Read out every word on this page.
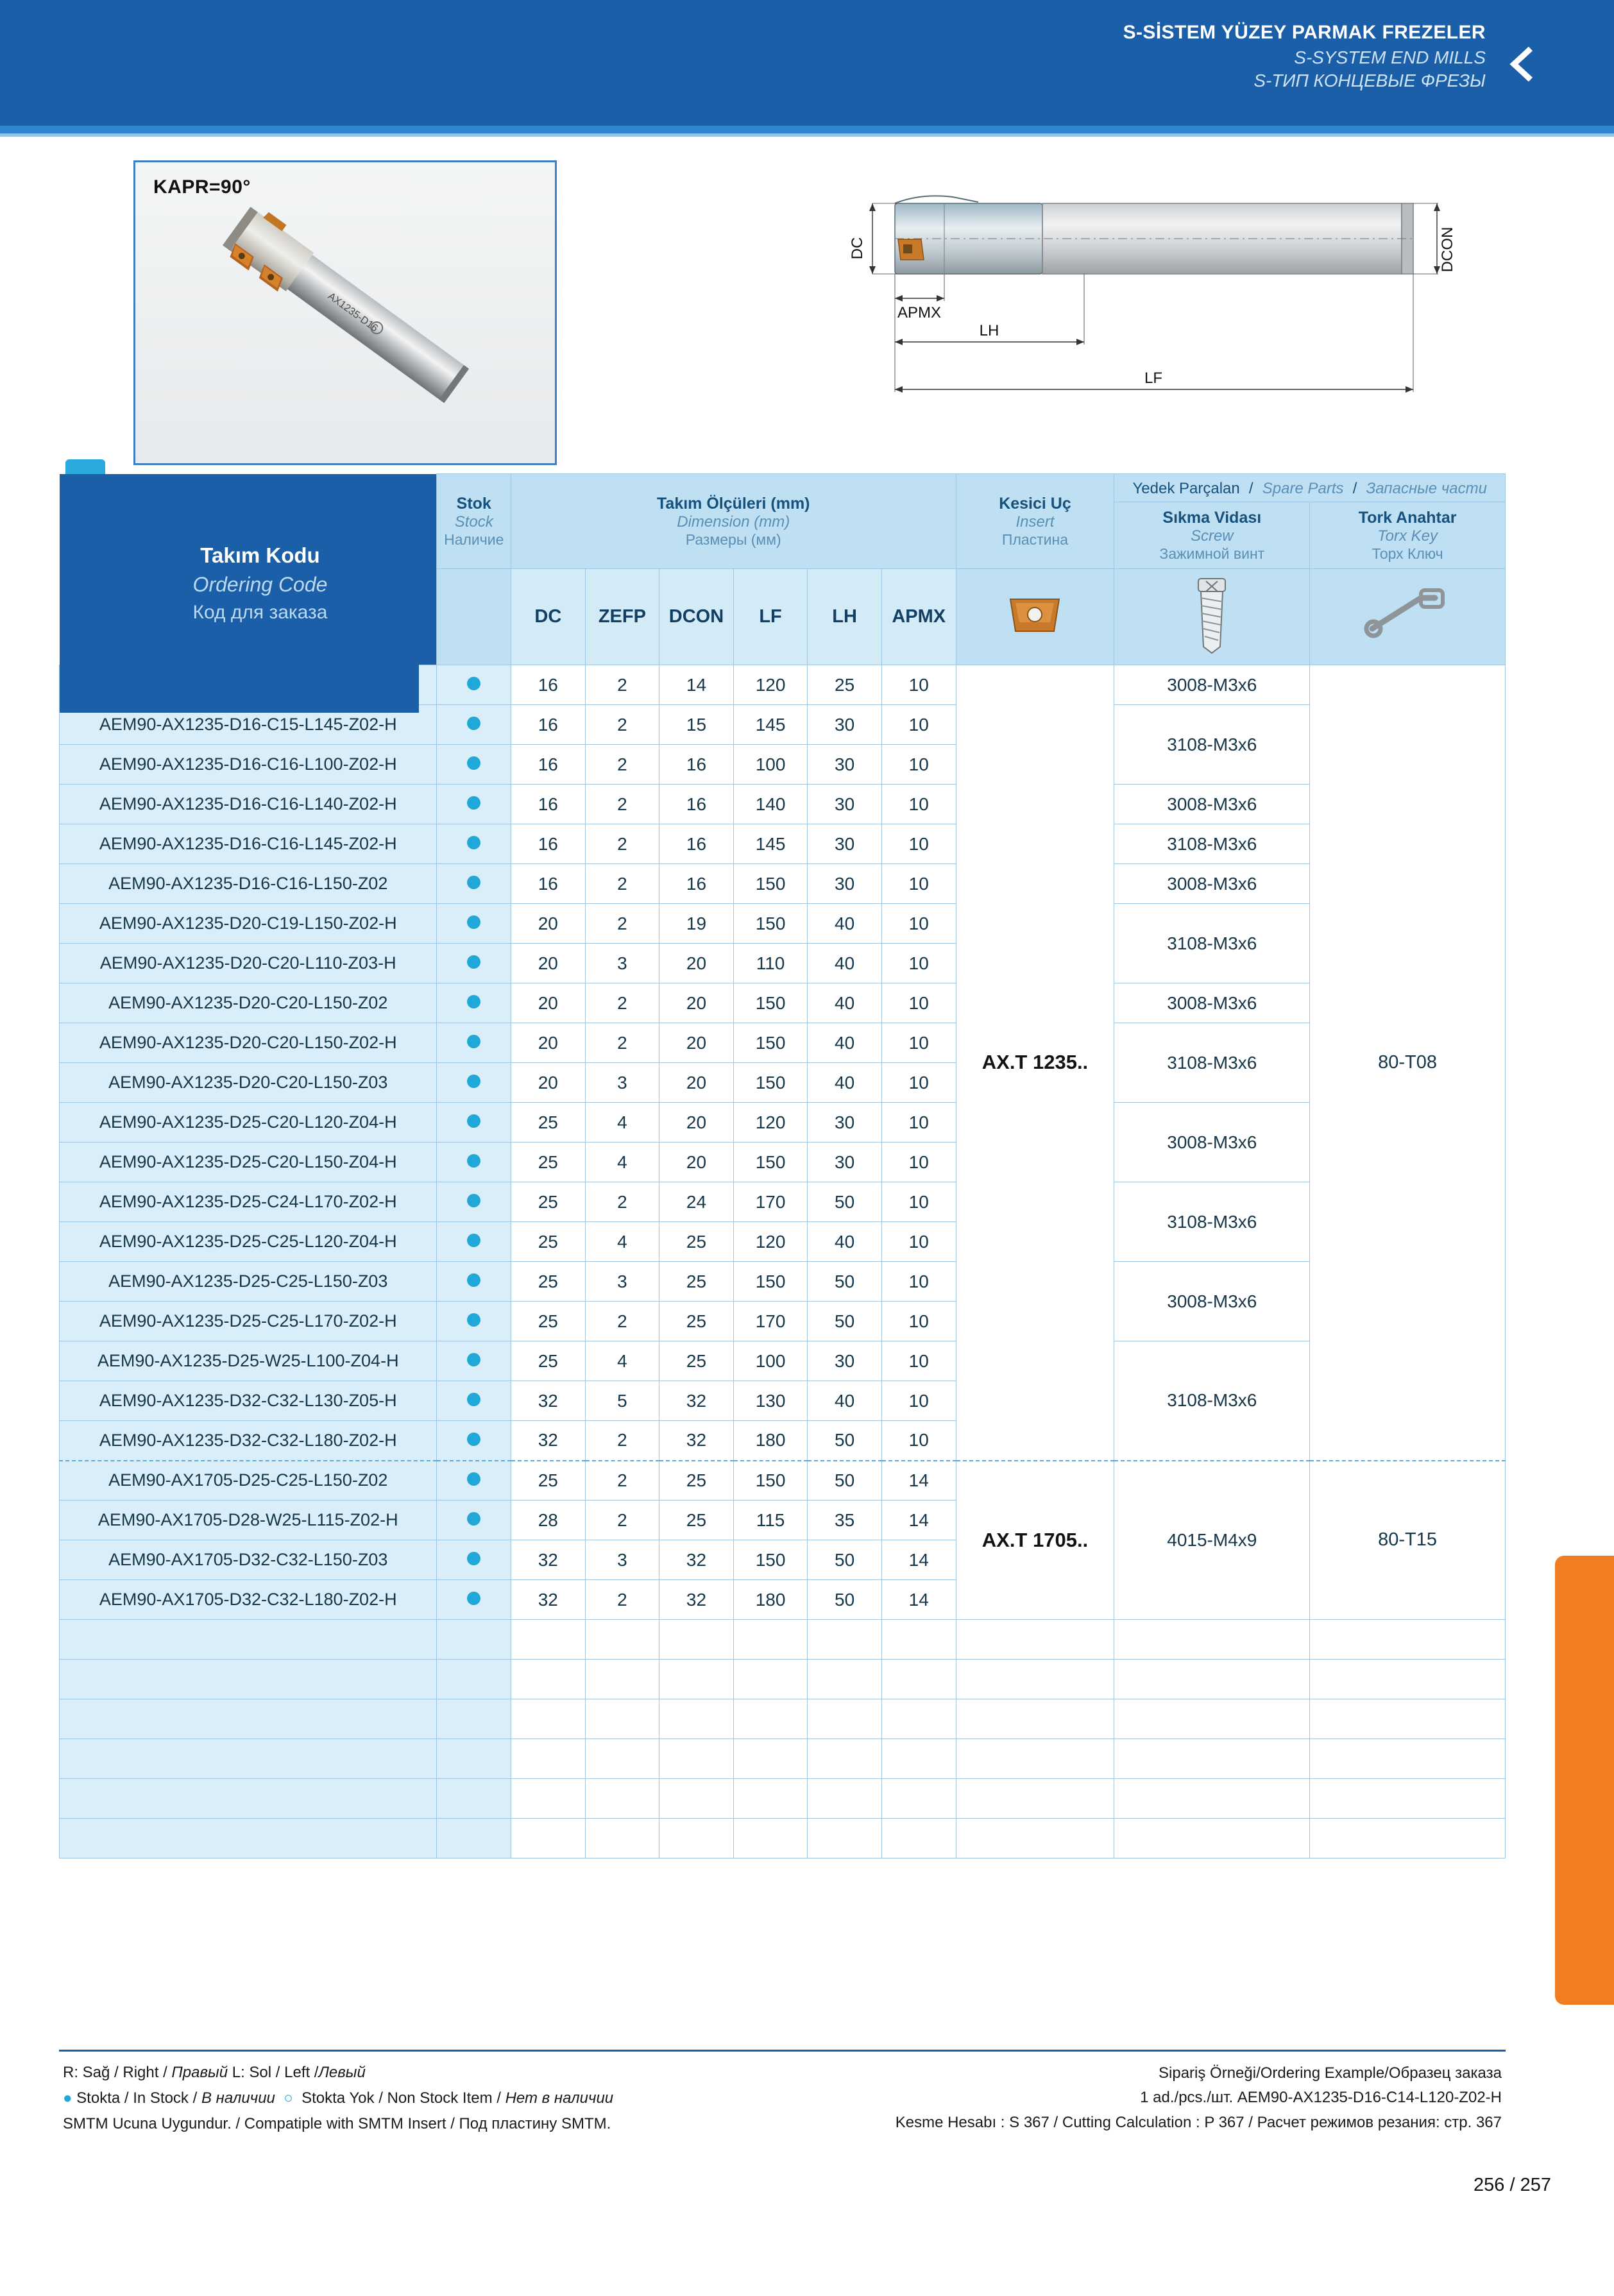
S-SİSTEM YÜZEY PARMAK FREZELER
S-SYSTEM END MILLS
S-ТИП КОНЦЕВЫЕ ФРЕЗЫ
KAPR=90°
AX1235-D16
DC	DCON
APMX
LH
LF
Takım Kodu
Ordering Code
Код для заказа

Stok
Stock
Наличие

Takım Ölçüleri (mm)
Dimension (mm)
Размеры (мм)

Kesici Uç
Insert
Пластина
	Yedek Parçalan  /  Spare Parts  /  Запасные части

Sıkma Vidası
Screw
Зажимной винт

Tork Anahtar
Torx Key
Торх Ключ

		DC	ZEFP	DCON	LF	LH	APMX			
		16	2	14	120	25	10	AX.T 1235..	3008-M3x6	80-T08
AEM90-AX1235-D16-C15-L145-Z02-H		16	2	15	145	30	10		3108-M3x6	
AEM90-AX1235-D16-C16-L100-Z02-H		16	2	16	100	30	10			
AEM90-AX1235-D16-C16-L140-Z02-H		16	2	16	140	30	10		3008-M3x6	
AEM90-AX1235-D16-C16-L145-Z02-H		16	2	16	145	30	10		3108-M3x6	
AEM90-AX1235-D16-C16-L150-Z02		16	2	16	150	30	10		3008-M3x6	
AEM90-AX1235-D20-C19-L150-Z02-H		20	2	19	150	40	10		3108-M3x6	
AEM90-AX1235-D20-C20-L110-Z03-H		20	3	20	110	40	10			
AEM90-AX1235-D20-C20-L150-Z02		20	2	20	150	40	10		3008-M3x6	
AEM90-AX1235-D20-C20-L150-Z02-H		20	2	20	150	40	10		3108-M3x6	
AEM90-AX1235-D20-C20-L150-Z03		20	3	20	150	40	10			
AEM90-AX1235-D25-C20-L120-Z04-H		25	4	20	120	30	10		3008-M3x6	
AEM90-AX1235-D25-C20-L150-Z04-H		25	4	20	150	30	10			
AEM90-AX1235-D25-C24-L170-Z02-H		25	2	24	170	50	10		3108-M3x6	
AEM90-AX1235-D25-C25-L120-Z04-H		25	4	25	120	40	10			
AEM90-AX1235-D25-C25-L150-Z03		25	3	25	150	50	10		3008-M3x6	
AEM90-AX1235-D25-C25-L170-Z02-H		25	2	25	170	50	10			
AEM90-AX1235-D25-W25-L100-Z04-H		25	4	25	100	30	10		3108-M3x6	
AEM90-AX1235-D32-C32-L130-Z05-H		32	5	32	130	40	10			
AEM90-AX1235-D32-C32-L180-Z02-H		32	2	32	180	50	10			
AEM90-AX1705-D25-C25-L150-Z02		25	2	25	150	50	14	AX.T 1705..	4015-M4x9	80-T15
AEM90-AX1705-D28-W25-L115-Z02-H		28	2	25	115	35	14			
AEM90-AX1705-D32-C32-L150-Z03		32	3	32	150	50	14			
AEM90-AX1705-D32-C32-L180-Z02-H		32	2	32	180	50	14			

R: Sağ / Right / Правый L: Sol / Left /Левый
● Stokta / In Stock / В наличии  ○  Stokta Yok / Non Stock Item / Нет в наличии
SMTM Ucuna Uygundur. / Compatiple with SMTM Insert / Под пластину SMTM.
Sipariş Örneği/Ordering Example/Образец заказа
1 ad./pcs./шт. AEM90-AX1235-D16-C14-L120-Z02-H
Kesme Hesabı : S 367 / Cutting Calculation : P 367 / Расчет режимов резания: стр. 367
256 / 257
